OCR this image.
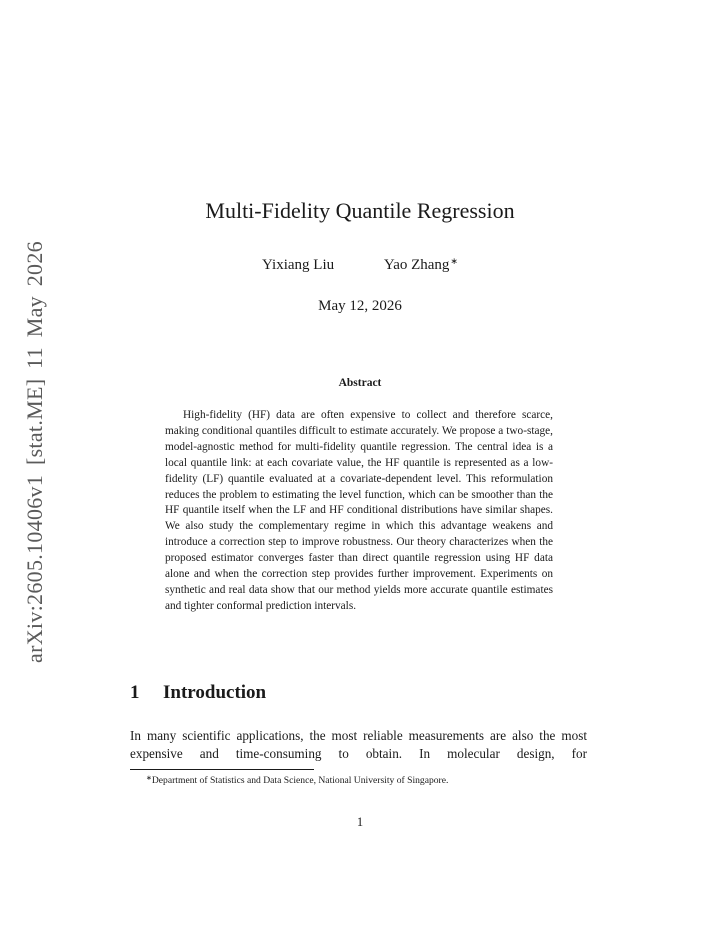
arXiv:2605.10406v1 [stat.ME] 11 May 2026
Multi-Fidelity Quantile Regression
Yixiang Liu	Yao Zhang∗
May 12, 2026
Abstract
High-fidelity (HF) data are often expensive to collect and therefore scarce, making conditional quantiles difficult to estimate accurately. We propose a two-stage, model-agnostic method for multi-fidelity quantile regression. The central idea is a local quantile link: at each covariate value, the HF quantile is represented as a low-fidelity (LF) quantile evaluated at a covariate-dependent level. This reformulation reduces the problem to estimating the level function, which can be smoother than the HF quantile itself when the LF and HF conditional distributions have similar shapes. We also study the complementary regime in which this advantage weakens and introduce a correction step to improve robustness. Our theory characterizes when the proposed estimator converges faster than direct quantile regression using HF data alone and when the correction step provides further improvement. Experiments on synthetic and real data show that our method yields more accurate quantile estimates and tighter conformal prediction intervals.
1 Introduction
In many scientific applications, the most reliable measurements are also the most expensive and time-consuming to obtain. In molecular design, for
∗Department of Statistics and Data Science, National University of Singapore.
1
